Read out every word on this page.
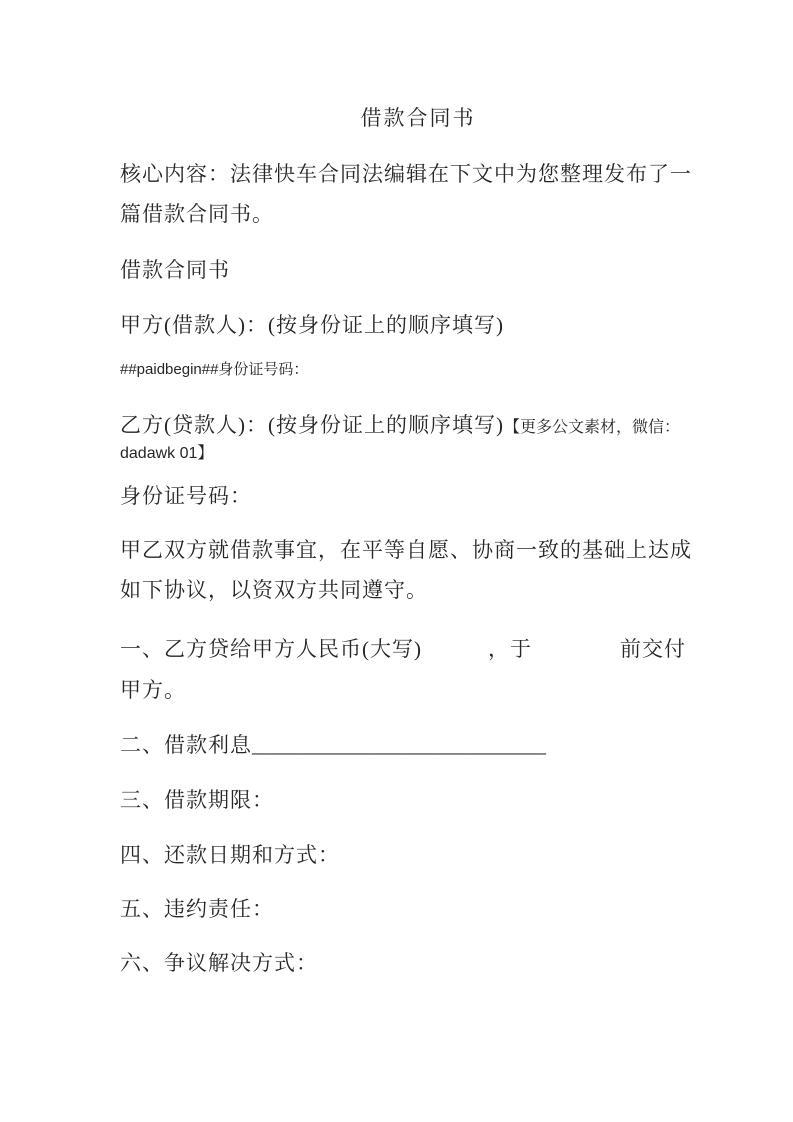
借款合同书
核心内容：法律快车合同法编辑在下文中为您整理发布了一
篇借款合同书。
借款合同书
甲方(借款人)：(按身份证上的顺序填写)
##paidbegin##身份证号码：
乙方(贷款人)：(按身份证上的顺序填写)【更多公文素材，微信：
dadawk 01】
身份证号码：
甲乙双方就借款事宜，在平等自愿、协商一致的基础上达成
如下协议，以资双方共同遵守。
一、乙方贷给甲方人民币(大写)　　　，于　　　　前交付
甲方。
二、借款利息____________________________
三、借款期限：
四、还款日期和方式：
五、违约责任：
六、争议解决方式：
